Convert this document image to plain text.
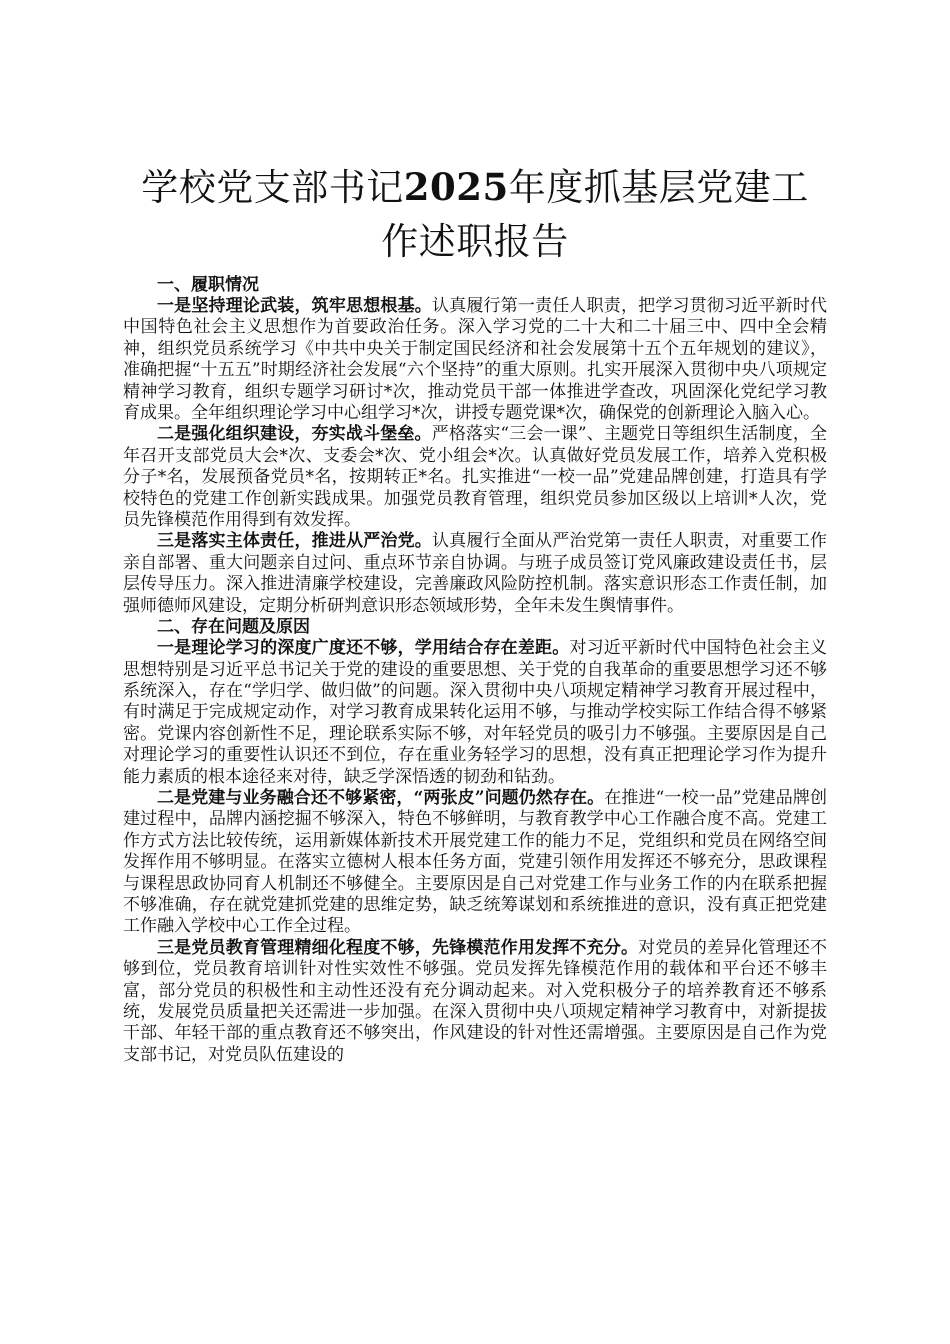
学校党支部书记2025年度抓基层党建工作述职报告

一、履职情况

一是坚持理论武装，筑牢思想根基。认真履行第一责任人职责，把学习贯彻习近平新时代中国特色社会主义思想作为首要政治任务。深入学习党的二十大和二十届三中、四中全会精神，组织党员系统学习《中共中央关于制定国民经济和社会发展第十五个五年规划的建议》，准确把握“十五五”时期经济社会发展“六个坚持”的重大原则。扎实开展深入贯彻中央八项规定精神学习教育，组织专题学习研讨*次，推动党员干部一体推进学查改，巩固深化党纪学习教育成果。全年组织理论学习中心组学习*次，讲授专题党课*次，确保党的创新理论入脑入心。

二是强化组织建设，夯实战斗堡垒。严格落实“三会一课”、主题党日等组织生活制度，全年召开支部党员大会*次、支委会*次、党小组会*次。认真做好党员发展工作，培养入党积极分子*名，发展预备党员*名，按期转正*名。扎实推进“一校一品”党建品牌创建，打造具有学校特色的党建工作创新实践成果。加强党员教育管理，组织党员参加区级以上培训*人次，党员先锋模范作用得到有效发挥。

三是落实主体责任，推进从严治党。认真履行全面从严治党第一责任人职责，对重要工作亲自部署、重大问题亲自过问、重点环节亲自协调。与班子成员签订党风廉政建设责任书，层层传导压力。深入推进清廉学校建设，完善廉政风险防控机制。落实意识形态工作责任制，加强师德师风建设，定期分析研判意识形态领域形势，全年未发生舆情事件。

二、存在问题及原因

一是理论学习的深度广度还不够，学用结合存在差距。对习近平新时代中国特色社会主义思想特别是习近平总书记关于党的建设的重要思想、关于党的自我革命的重要思想学习还不够系统深入，存在“学归学、做归做”的问题。深入贯彻中央八项规定精神学习教育开展过程中，有时满足于完成规定动作，对学习教育成果转化运用不够，与推动学校实际工作结合得不够紧密。党课内容创新性不足，理论联系实际不够，对年轻党员的吸引力不够强。主要原因是自己对理论学习的重要性认识还不到位，存在重业务轻学习的思想，没有真正把理论学习作为提升能力素质的根本途径来对待，缺乏学深悟透的韧劲和钻劲。

二是党建与业务融合还不够紧密，“两张皮”问题仍然存在。在推进“一校一品”党建品牌创建过程中，品牌内涵挖掘不够深入，特色不够鲜明，与教育教学中心工作融合度不高。党建工作方式方法比较传统，运用新媒体新技术开展党建工作的能力不足，党组织和党员在网络空间发挥作用不够明显。在落实立德树人根本任务方面，党建引领作用发挥还不够充分，思政课程与课程思政协同育人机制还不够健全。主要原因是自己对党建工作与业务工作的内在联系把握不够准确，存在就党建抓党建的思维定势，缺乏统筹谋划和系统推进的意识，没有真正把党建工作融入学校中心工作全过程。

三是党员教育管理精细化程度不够，先锋模范作用发挥不充分。对党员的差异化管理还不够到位，党员教育培训针对性实效性不够强。党员发挥先锋模范作用的载体和平台还不够丰富，部分党员的积极性和主动性还没有充分调动起来。对入党积极分子的培养教育还不够系统，发展党员质量把关还需进一步加强。在深入贯彻中央八项规定精神学习教育中，对新提拔干部、年轻干部的重点教育还不够突出，作风建设的针对性还需增强。主要原因是自己作为党支部书记，对党员队伍建设的
